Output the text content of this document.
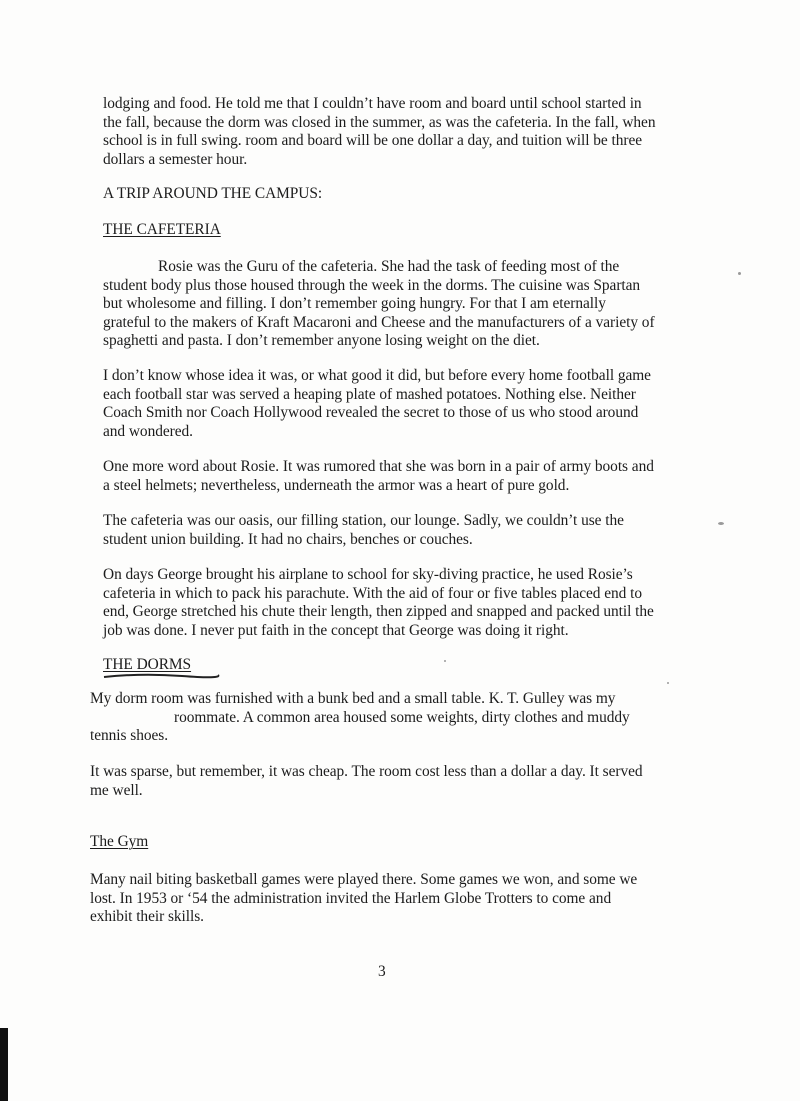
lodging and food. He told me that I couldn’t have room and board until school started in
the fall, because the dorm was closed in the summer, as was the cafeteria. In the fall, when
school is in full swing. room and board will be one dollar a day, and tuition will be three
dollars a semester hour.
A TRIP AROUND THE CAMPUS:
THE CAFETERIA
Rosie was the Guru of the cafeteria. She had the task of feeding most of the
student body plus those housed through the week in the dorms. The cuisine was Spartan
but wholesome and filling. I don’t remember going hungry. For that I am eternally
grateful to the makers of Kraft Macaroni and Cheese and the manufacturers of a variety of
spaghetti and pasta. I don’t remember anyone losing weight on the diet.
I don’t know whose idea it was, or what good it did, but before every home football game
each football star was served a heaping plate of mashed potatoes. Nothing else. Neither
Coach Smith nor Coach Hollywood revealed the secret to those of us who stood around
and wondered.
One more word about Rosie. It was rumored that she was born in a pair of army boots and
a steel helmets; nevertheless, underneath the armor was a heart of pure gold.
The cafeteria was our oasis, our filling station, our lounge. Sadly, we couldn’t use the
student union building. It had no chairs, benches or couches.
On days George brought his airplane to school for sky-diving practice, he used Rosie’s
cafeteria in which to pack his parachute. With the aid of four or five tables placed end to
end, George stretched his chute their length, then zipped and snapped and packed until the
job was done. I never put faith in the concept that George was doing it right.
THE DORMS
My dorm room was furnished with a bunk bed and a small table. K. T. Gulley was my
roommate. A common area housed some weights, dirty clothes and muddy
tennis shoes.
It was sparse, but remember, it was cheap. The room cost less than a dollar a day. It served
me well.
The Gym
Many nail biting basketball games were played there. Some games we won, and some we
lost. In 1953 or ‘54 the administration invited the Harlem Globe Trotters to come and
exhibit their skills.
3
